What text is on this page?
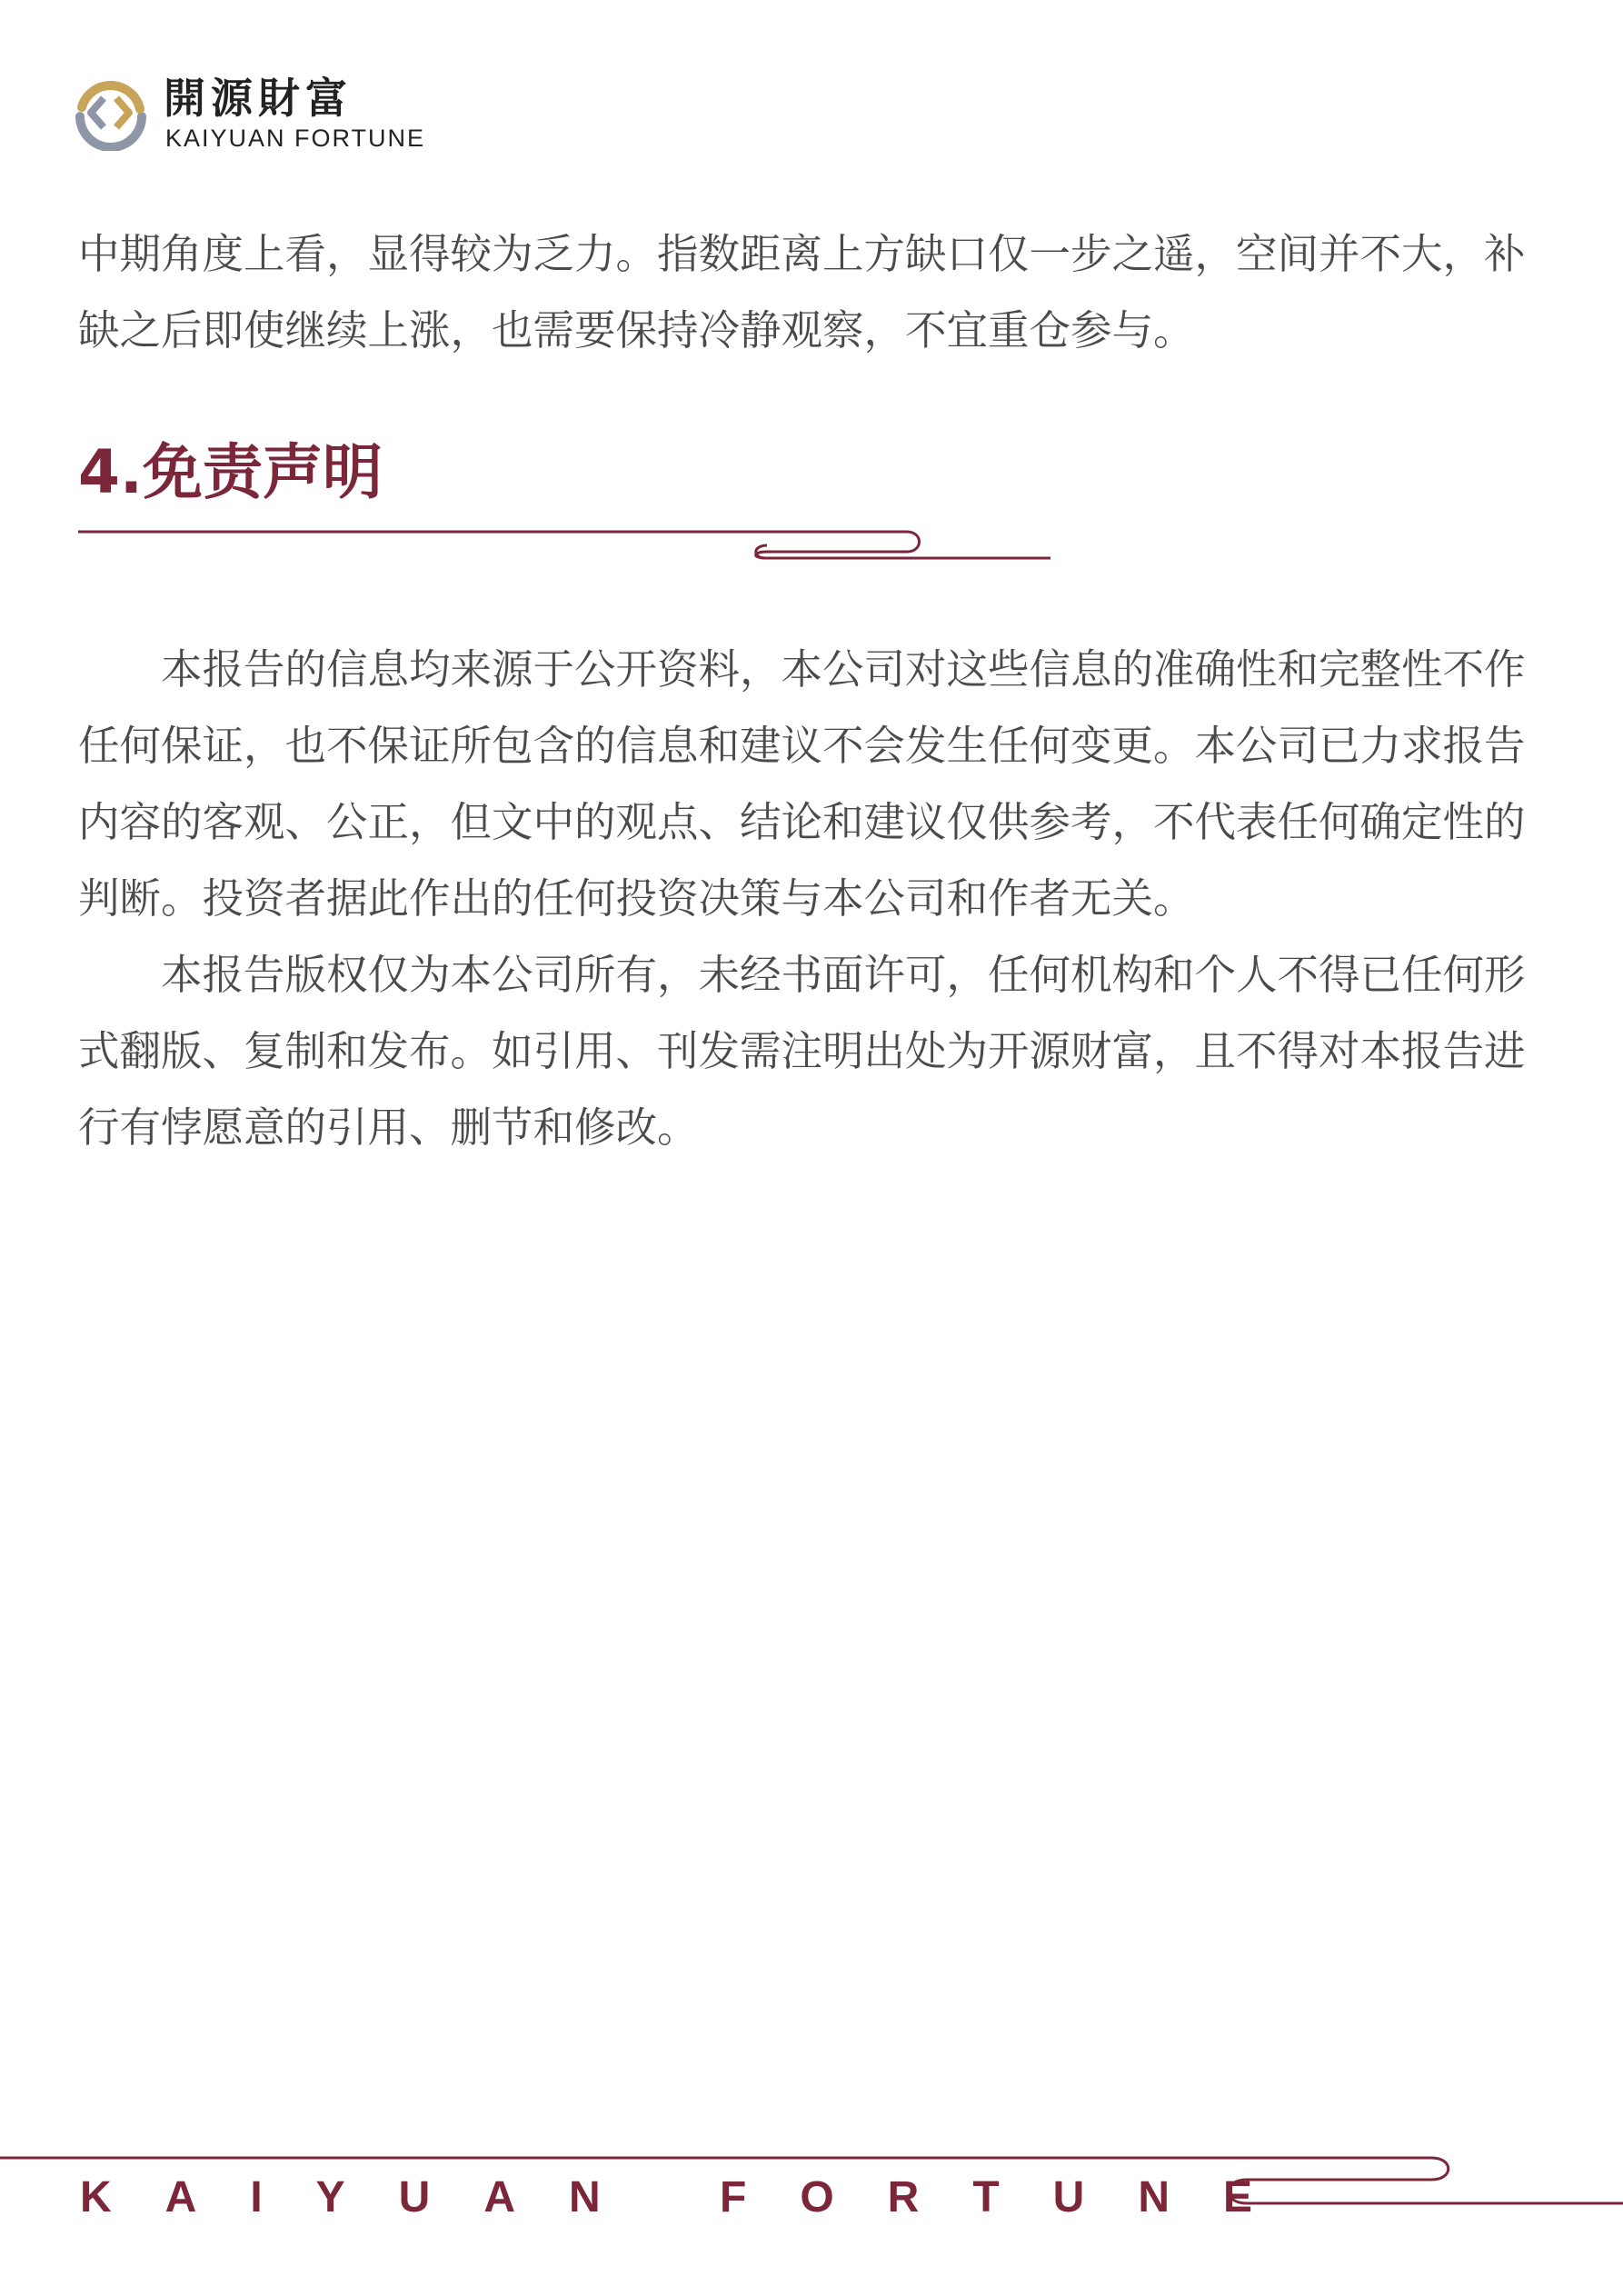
開源財富
KAIYUAN FORTUNE

中期角度上看，显得较为乏力。指数距离上方缺口仅一步之遥，空间并不大，补缺之后即使继续上涨，也需要保持冷静观察，不宜重仓参与。

4.免责声明

本报告的信息均来源于公开资料，本公司对这些信息的准确性和完整性不作任何保证，也不保证所包含的信息和建议不会发生任何变更。本公司已力求报告内容的客观、公正，但文中的观点、结论和建议仅供参考，不代表任何确定性的判断。投资者据此作出的任何投资决策与本公司和作者无关。

本报告版权仅为本公司所有，未经书面许可，任何机构和个人不得已任何形式翻版、复制和发布。如引用、刊发需注明出处为开源财富，且不得对本报告进行有悖愿意的引用、删节和修改。

KAIYUAN FORTUNE
